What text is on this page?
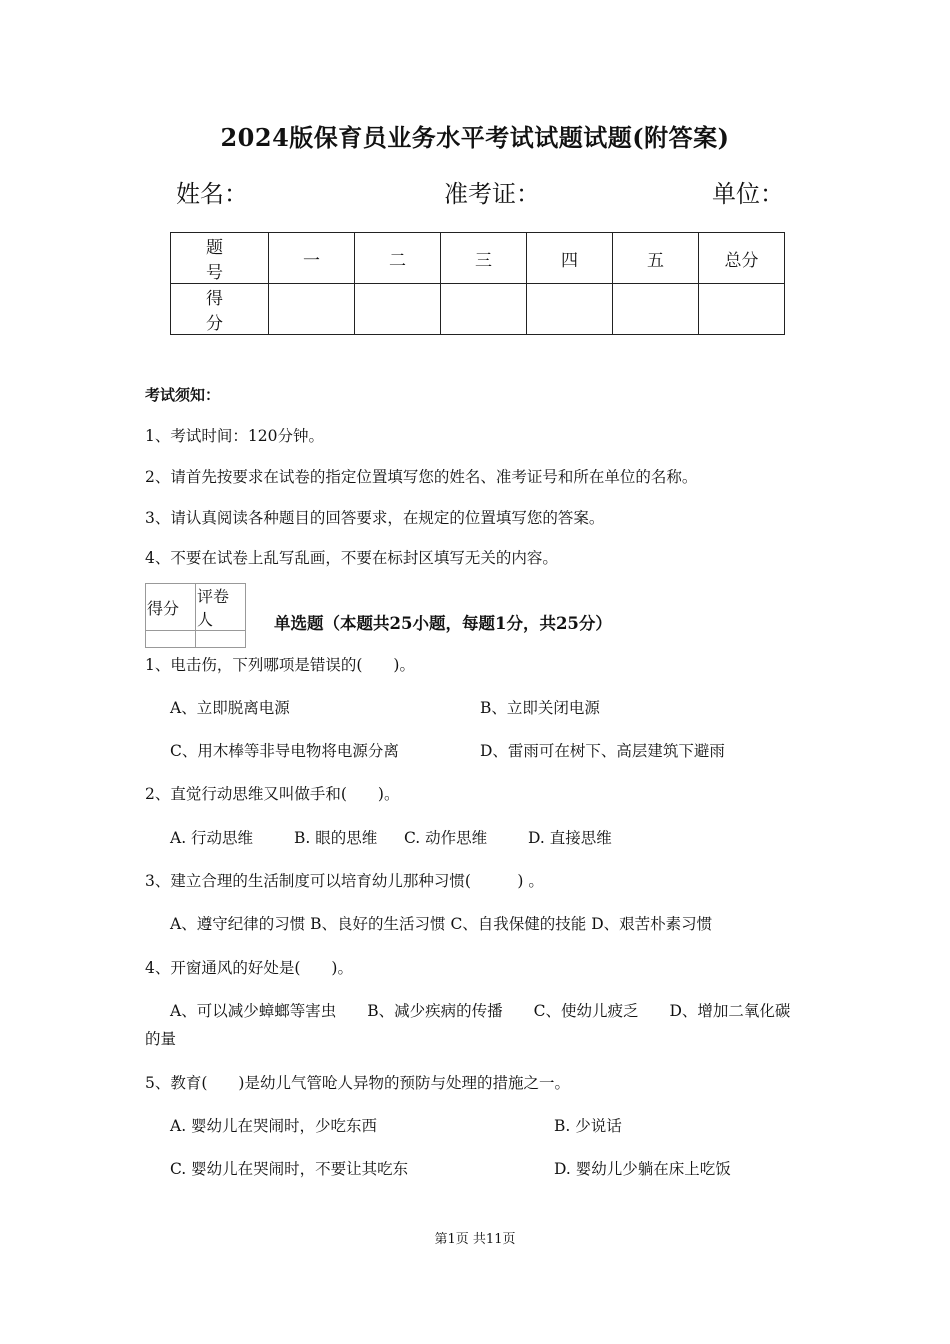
2024版保育员业务水平考试试题试题(附答案)
姓名：	准考证：	单位：
题　号	一	二	三	四	五	总分
得　分						
考试须知：
1、考试时间：120分钟。
2、请首先按要求在试卷的指定位置填写您的姓名、准考证号和所在单位的名称。
3、请认真阅读各种题目的回答要求，在规定的位置填写您的答案。
4、不要在试卷上乱写乱画，不要在标封区填写无关的内容。
得分	评卷人
		单选题（本题共25小题，每题1分，共25分）
1、电击伤，下列哪项是错误的(　　)。
A、立即脱离电源	B、立即关闭电源
C、用木棒等非导电物将电源分离	D、雷雨可在树下、高层建筑下避雨
2、直觉行动思维又叫做手和(　　)。
A. 行动思维	B. 眼的思维 C. 动作思维	D. 直接思维
3、建立合理的生活制度可以培育幼儿那种习惯(　　　) 。
A、遵守纪律的习惯 B、良好的生活习惯 C、自我保健的技能 D、艰苦朴素习惯
4、开窗通风的好处是(　　)。
A、可以减少蟑螂等害虫　　B、减少疾病的传播　　C、使幼儿疲乏　　D、增加二氧化碳
的量
5、教育(　　)是幼儿气管呛人异物的预防与处理的措施之一。
A. 婴幼儿在哭闹时，少吃东西	B. 少说话
C. 婴幼儿在哭闹时，不要让其吃东	D. 婴幼儿少躺在床上吃饭
第1页 共11页
